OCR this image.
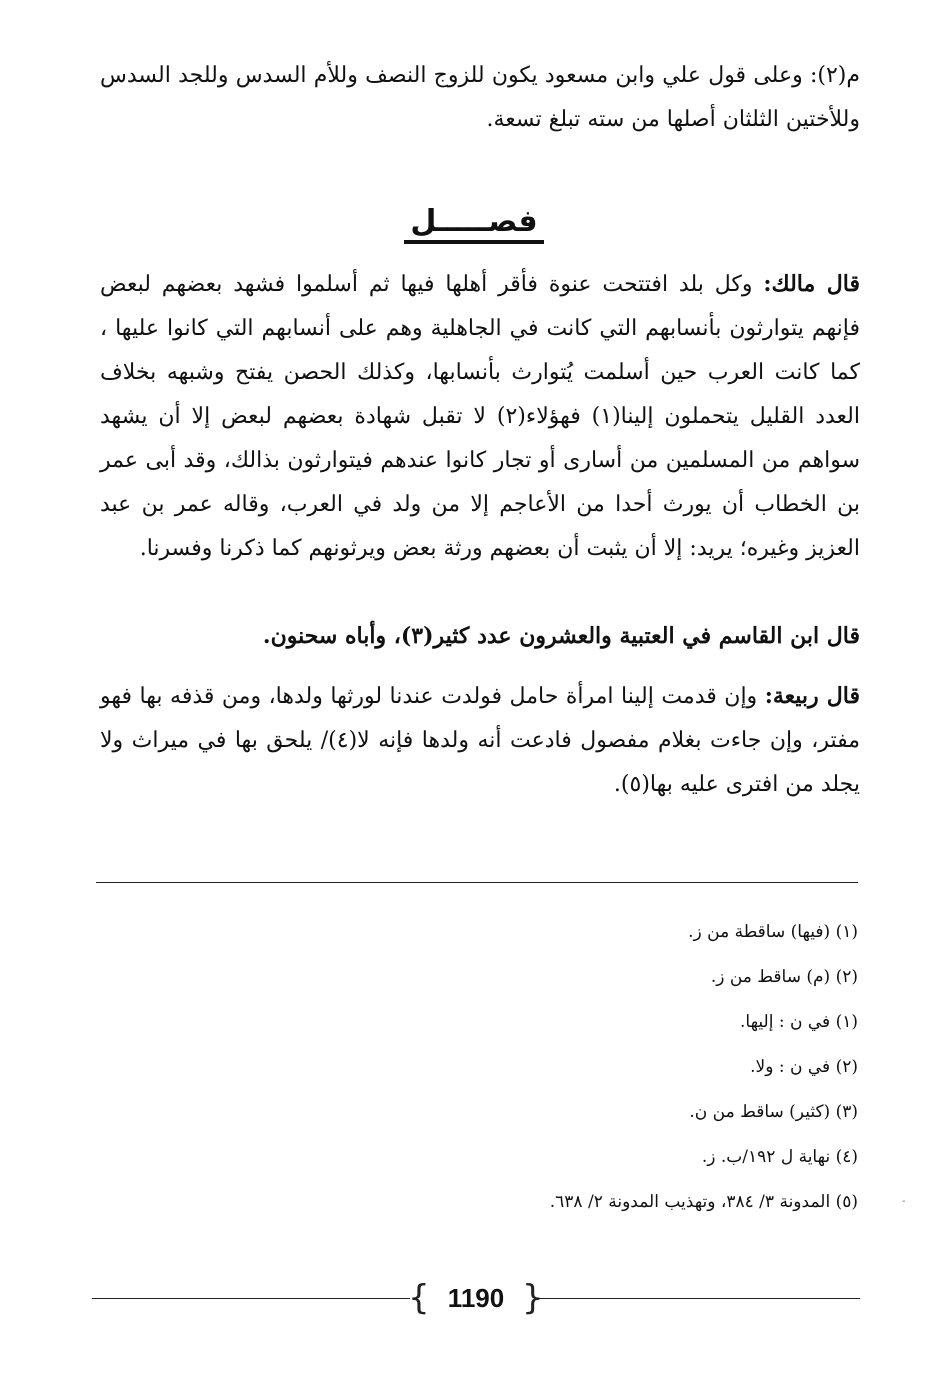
م(٢): وعلى قول علي وابن مسعود يكون للزوج النصف وللأم السدس وللجد السدس وللأختين الثلثان أصلها من سته تبلغ تسعة.

فصـــــل

قال مالك: وكل بلد افتتحت عنوة فأقر أهلها فيها ثم أسلموا فشهد بعضهم لبعض فإنهم يتوارثون بأنسابهم التي كانت في الجاهلية وهم على أنسابهم التي كانوا عليها ، كما كانت العرب حين أسلمت يُتوارث بأنسابها، وكذلك الحصن يفتح وشبهه بخلاف العدد القليل يتحملون إلينا(١) فهؤلاء(٢) لا تقبل شهادة بعضهم لبعض إلا أن يشهد سواهم من المسلمين من أسارى أو تجار كانوا عندهم فيتوارثون بذالك، وقد أبى عمر بن الخطاب أن يورث أحدا من الأعاجم إلا من ولد في العرب، وقاله عمر بن عبد العزيز وغيره؛ يريد: إلا أن يثبت أن بعضهم ورثة بعض ويرثونهم كما ذكرنا وفسرنا.

قال ابن القاسم في العتبية والعشرون عدد كثير(٣)، وأباه سحنون.

قال ربيعة: وإن قدمت إلينا امرأة حامل فولدت عندنا لورثها ولدها، ومن قذفه بها فهو مفتر، وإن جاءت بغلام مفصول فادعت أنه ولدها فإنه لا(٤)/ يلحق بها في ميراث ولا يجلد من افترى عليه بها(٥).

(١) (فيها) ساقطة من ز.
(٢) (م) ساقط من ز.
(١) في ن : إليها.
(٢) في ن : ولا.
(٣) (كثير) ساقط من ن.
(٤) نهاية ل ١٩٢/ب. ز.
(٥) المدونة ٣/ ٣٨٤، وتهذيب المدونة ٢/ ٦٣٨.	-
{ 1190 }
